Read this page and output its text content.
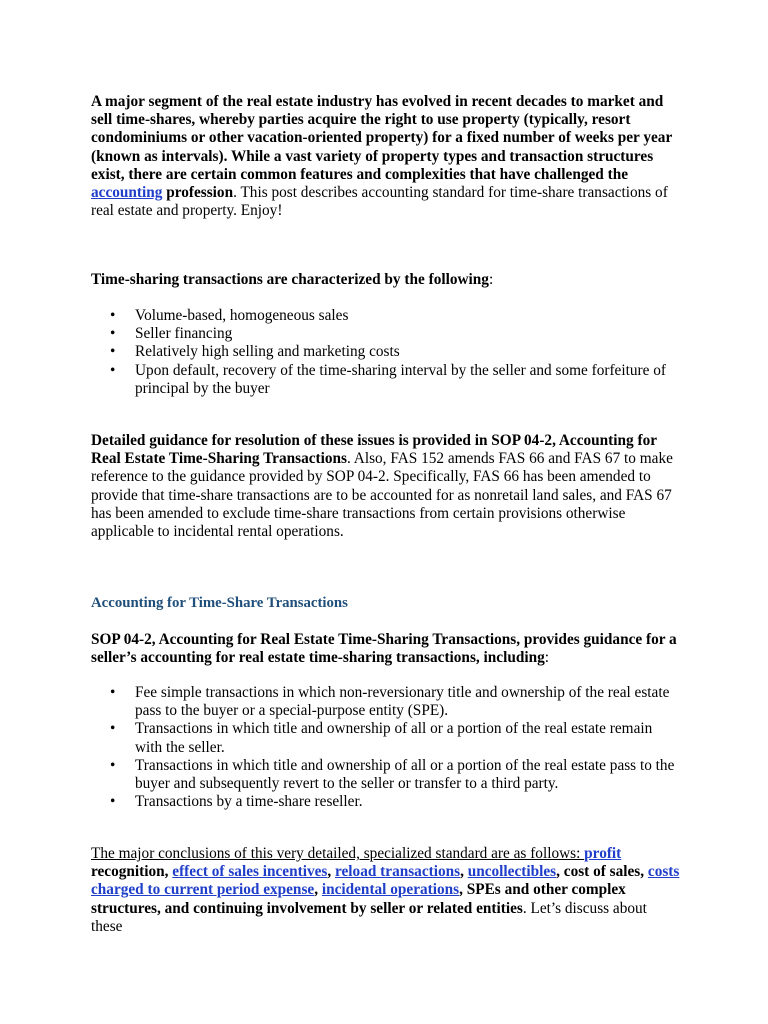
A major segment of the real estate industry has evolved in recent decades to market and sell time-shares, whereby parties acquire the right to use property (typically, resort condominiums or other vacation-oriented property) for a fixed number of weeks per year (known as intervals). While a vast variety of property types and transaction structures exist, there are certain common features and complexities that have challenged the accounting profession. This post describes accounting standard for time-share transactions of real estate and property. Enjoy!

Time-sharing transactions are characterized by the following:

• Volume-based, homogeneous sales
• Seller financing
• Relatively high selling and marketing costs
• Upon default, recovery of the time-sharing interval by the seller and some forfeiture of principal by the buyer

Detailed guidance for resolution of these issues is provided in SOP 04-2, Accounting for Real Estate Time-Sharing Transactions. Also, FAS 152 amends FAS 66 and FAS 67 to make reference to the guidance provided by SOP 04-2. Specifically, FAS 66 has been amended to provide that time-share transactions are to be accounted for as nonretail land sales, and FAS 67 has been amended to exclude time-share transactions from certain provisions otherwise applicable to incidental rental operations.

Accounting for Time-Share Transactions

SOP 04-2, Accounting for Real Estate Time-Sharing Transactions, provides guidance for a seller’s accounting for real estate time-sharing transactions, including:

• Fee simple transactions in which non-reversionary title and ownership of the real estate pass to the buyer or a special-purpose entity (SPE).
• Transactions in which title and ownership of all or a portion of the real estate remain with the seller.
• Transactions in which title and ownership of all or a portion of the real estate pass to the buyer and subsequently revert to the seller or transfer to a third party.
• Transactions by a time-share reseller.

The major conclusions of this very detailed, specialized standard are as follows: profit recognition, effect of sales incentives, reload transactions, uncollectibles, cost of sales, costs charged to current period expense, incidental operations, SPEs and other complex structures, and continuing involvement by seller or related entities. Let’s discuss about these
